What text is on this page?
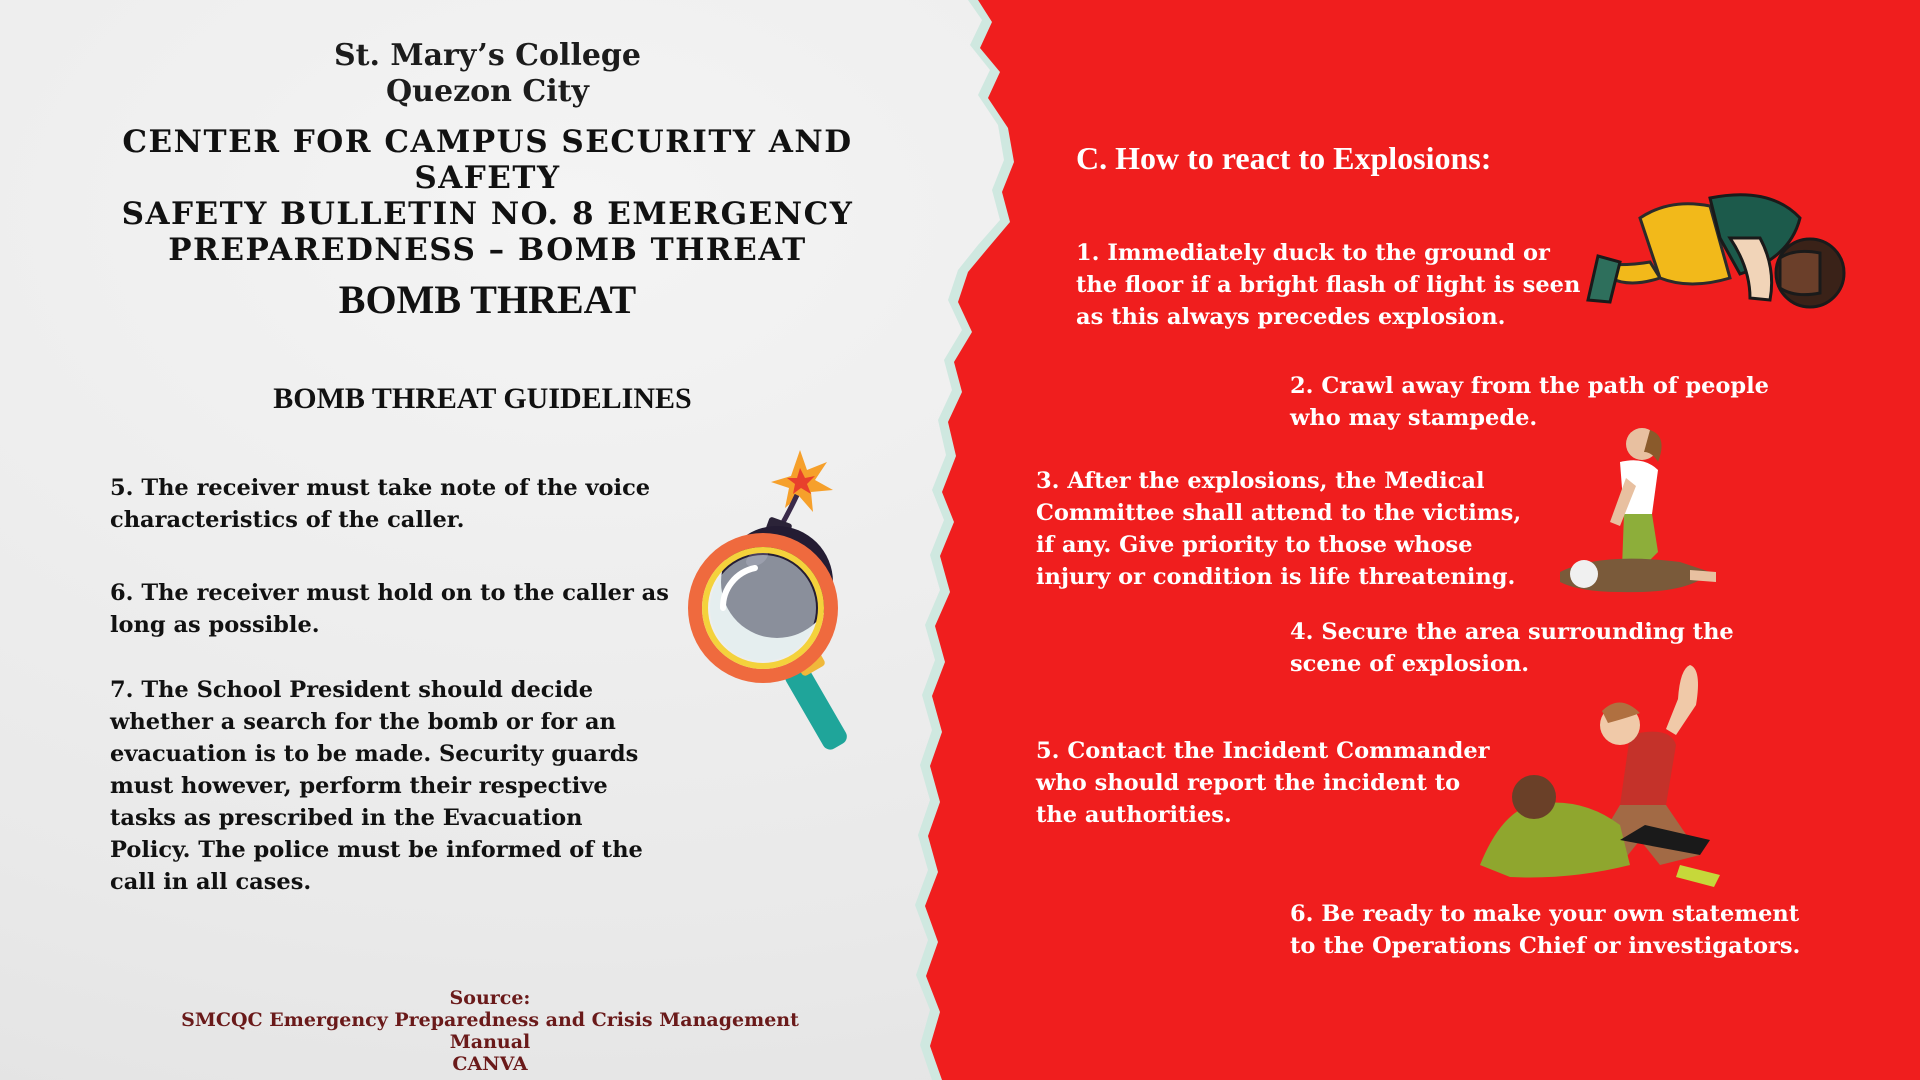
St. Mary’s College
Quezon City
CENTER FOR CAMPUS SECURITY AND SAFETY
SAFETY BULLETIN NO. 8 EMERGENCY
PREPAREDNESS – BOMB THREAT
BOMB THREAT
BOMB THREAT GUIDELINES

5. The receiver must take note of the voice characteristics of the caller.

6. The receiver must hold on to the caller as long as possible.

7. The School President should decide whether a search for the bomb or for an evacuation is to be made. Security guards must however, perform their respective tasks as prescribed in the Evacuation Policy. The police must be informed of the call in all cases.

Source:
SMCQC Emergency Preparedness and Crisis Management Manual
CANVA
C. How to react to Explosions:

1. Immediately duck to the ground or the floor if a bright flash of light is seen as this always precedes explosion.

2. Crawl away from the path of people who may stampede.

3. After the explosions, the Medical Committee shall attend to the victims, if any. Give priority to those whose injury or condition is life threatening.

4. Secure the area surrounding the scene of explosion.

5. Contact the Incident Commander who should report the incident to the authorities.

6. Be ready to make your own statement to the Operations Chief or investigators.
